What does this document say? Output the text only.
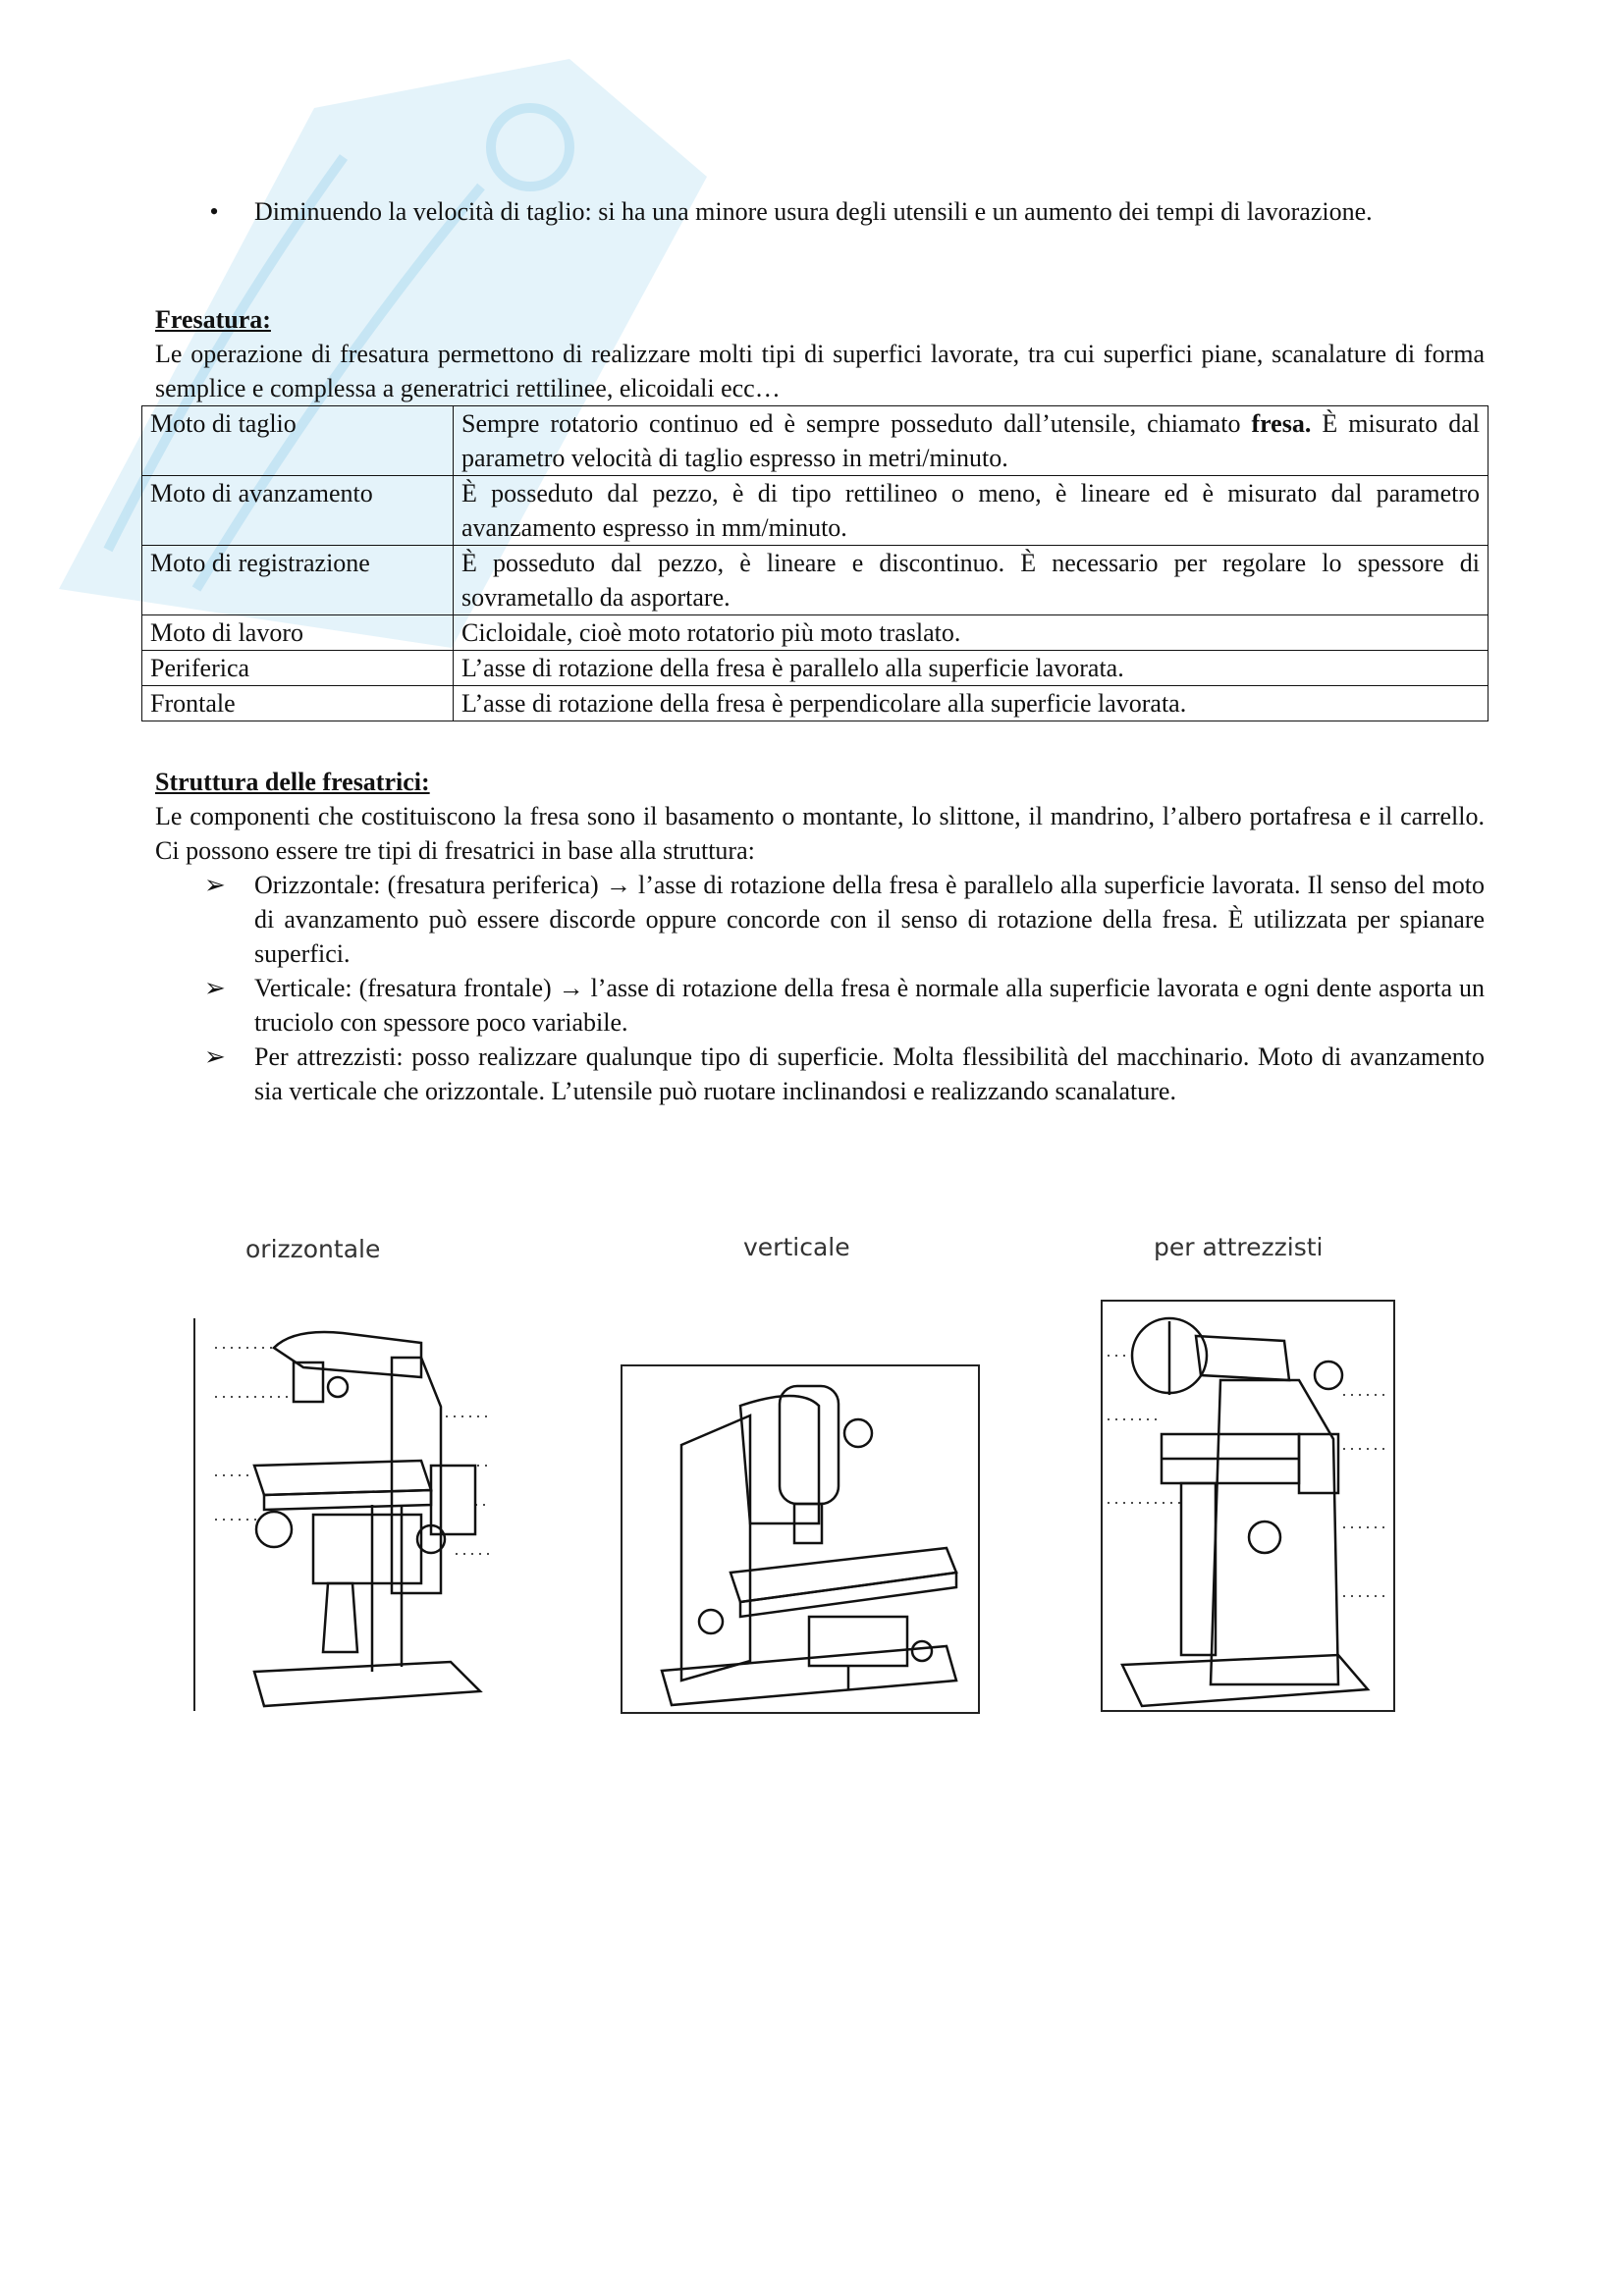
• Diminuendo la velocità di taglio: si ha una minore usura degli utensili e un aumento dei tempi di lavorazione.
Fresatura:
Le operazione di fresatura permettono di realizzare molti tipi di superfici lavorate, tra cui superfici piane, scanalature di forma semplice e complessa a generatrici rettilinee, elicoidali ecc…
Moto di taglio	Sempre rotatorio continuo ed è sempre posseduto dall’utensile, chiamato fresa. È misurato dal parametro velocità di taglio espresso in metri/minuto.
Moto di avanzamento	È posseduto dal pezzo, è di tipo rettilineo o meno, è lineare ed è misurato dal parametro avanzamento espresso in mm/minuto.
Moto di registrazione	È posseduto dal pezzo, è lineare e discontinuo. È necessario per regolare lo spessore di sovrametallo da asportare.
Moto di lavoro	Cicloidale, cioè moto rotatorio più moto traslato.
Periferica	L’asse di rotazione della fresa è parallelo alla superficie lavorata.
Frontale	L’asse di rotazione della fresa è perpendicolare alla superficie lavorata.
Struttura delle fresatrici:
Le componenti che costituiscono la fresa sono il basamento o montante, lo slittone, il mandrino, l’albero portafresa e il carrello. Ci possono essere tre tipi di fresatrici in base alla struttura:
➢	Orizzontale: (fresatura periferica) → l’asse di rotazione della fresa è parallelo alla superficie lavorata. Il senso del moto di avanzamento può essere discorde oppure concorde con il senso di rotazione della fresa. È utilizzata per spianare superfici.
➢	Verticale: (fresatura frontale) → l’asse di rotazione della fresa è normale alla superficie lavorata e ogni dente asporta un truciolo con spessore poco variabile.
➢	Per attrezzisti: posso realizzare qualunque tipo di superficie. Molta flessibilità del macchinario. Moto di avanzamento sia verticale che orizzontale. L’utensile può ruotare inclinandosi e realizzando scanalature.
orizzontale	verticale	per attrezzisti
